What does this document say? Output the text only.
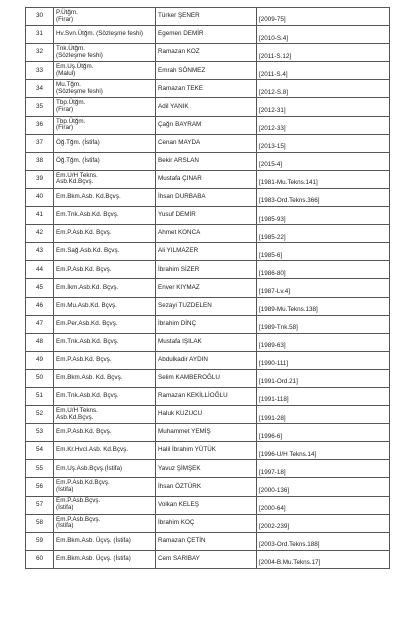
30	P.Ütğm.
(Firar)	Türker ŞENER	[2009-75]
31	Hv.Svn.Ütğm. (Sözleşme feshi)	Egemen DEMİR	[2010-S.4]
32	Tnk.Ütğm.
(Sözleşme feshi)	Ramazan KOZ	[2011-S.12]
33	Em.Uş.Ütğm.
(Malul)	Emrah SÖNMEZ	[2011-S.4]
34	Mu.Tğm.
(Sözleşme feshi)	Ramazan TEKE	[2012-S.8]
35	Tbp.Ütğm.
(Firar)	Adil YANIK	[2012-31]
36	Tbp.Ütğm.
(Firar)	Çağrı BAYRAM	[2012-33]
37	Öğ.Tğm. (İstifa)	Cenan MAYDA	[2013-15]
38	Öğ.Tğm. (İstifa)	Bekir ARSLAN	[2015-4]
39	Em.U/H Tekns.
Asb.Kd.Bçvş.	Mustafa ÇINAR	[1981-Mu.Tekns.141]
40	Em.Bkm.Asb. Kd.Bçvş.	İhsan DURBABA	[1983-Ord.Tekns.366]
41	Em.Tnk.Asb.Kd. Bçvş.	Yusuf DEMİR	[1985-93]
42	Em.P.Asb.Kd. Bçvş.	Ahmet KONCA	[1985-22]
43	Em.Sağ.Asb.Kd. Bçvş.	Ali YILMAZER	[1985-6]
44	Em.P.Asb.Kd. Bçvş.	İbrahim SİZER	[1986-80]
45	Em.İkm.Asb.Kd. Bçvş.	Enver KIYMAZ	[1987-Lv.4]
46	Em.Mu.Asb.Kd. Bçvş.	Sezayi TUZDELEN	[1989-Mu.Tekns.138]
47	Em.Per.Asb.Kd. Bçvş.	İbrahim DİNÇ	[1989-Tnk.58]
48	Em.Tnk.Asb.Kd. Bçvş.	Mustafa IŞILAK	[1989-63]
49	Em.P.Asb.Kd. Bçvş.	Abdulkadir AYDIN	[1990-111]
50	Em.Bkm.Asb. Kd. Bçvş.	Selim KAMBEROĞLU	[1991-Ord.21]
51	Em.Tnk.Asb.Kd. Bçvş.	Ramazan KEKİLLİOĞLU	[1991-118]
52	Em.U/H Tekns.
Asb.Kd.Bçvş.	Haluk KUZUCU	[1991-28]
53	Em.P.Asb.Kd. Bçvş.	Muhammet YEMİŞ	[1996-6]
54	Em.Kr.Hvcl.Asb. Kd.Bçvş.	Halil İbrahim YÜTÜK	[1996-U/H Tekns.14]
55	Em.Uş.Asb.Bçvş.(İstifa)	Yavuz ŞİMŞEK	[1997-18]
56	Em.P.Asb.Kd.Bçvş.
(İstifa)	İhsan ÖZTÜRK	[2000-136]
57	Em.P.Asb.Bçvş.
(İstifa)	Volkan KELEŞ	[2000-64]
58	Em.P.Asb.Bçvş.
(İstifa)	İbrahim KOÇ	[2002-239]
59	Em.Bkm.Asb. Üçvş. (İstifa)	Ramazan ÇETİN	[2003-Ord.Tekns.188]
60	Em.Bkm.Asb. Üçvş. (İstifa)	Cem SARIBAY	[2004-B.Mu.Tekns.17]
